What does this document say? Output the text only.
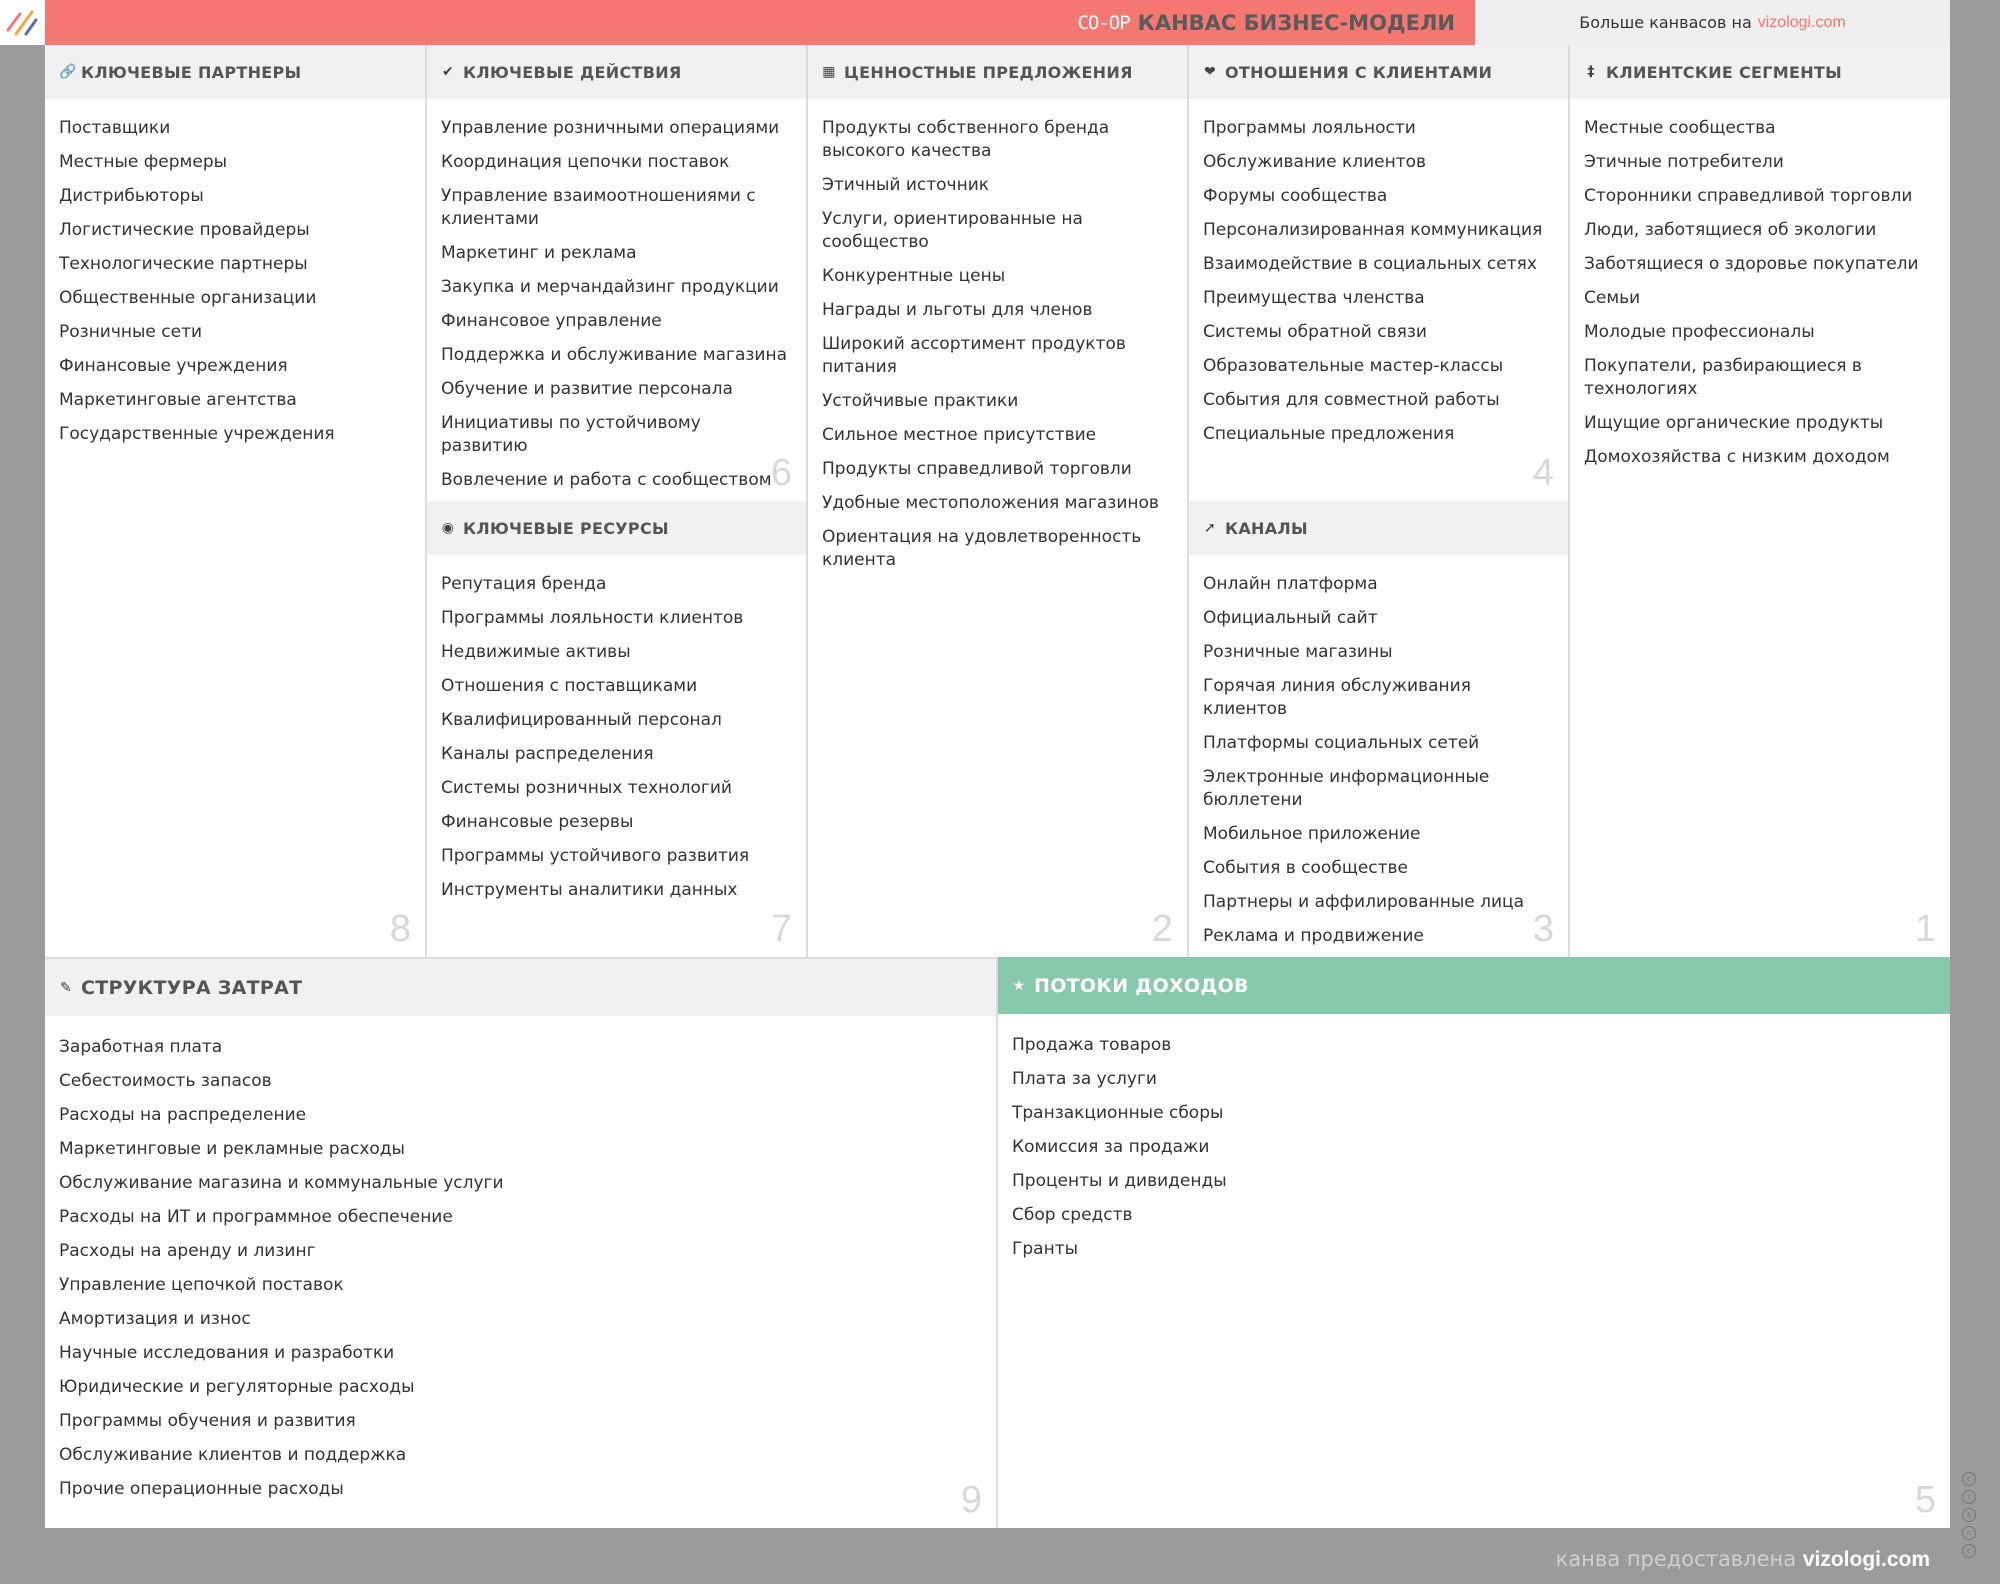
CO-OP КАНВАС БИЗНЕС-МОДЕЛИ	Больше канвасов на vizologi.com
🔗 КЛЮЧЕВЫЕ ПАРТНЕРЫ
Поставщики
Местные фермеры
Дистрибьюторы
Логистические провайдеры
Технологические партнеры
Общественные организации
Розничные сети
Финансовые учреждения
Маркетинговые агентства
Государственные учреждения
8
✔ КЛЮЧЕВЫЕ ДЕЙСТВИЯ
Управление розничными операциями
Координация цепочки поставок
Управление взаимоотношениями с клиентами
Маркетинг и реклама
Закупка и мерчандайзинг продукции
Финансовое управление
Поддержка и обслуживание магазина
Обучение и развитие персонала
Инициативы по устойчивому развитию
Вовлечение и работа с сообществом 6
◉ КЛЮЧЕВЫЕ РЕСУРСЫ
Репутация бренда
Программы лояльности клиентов
Недвижимые активы
Отношения с поставщиками
Квалифицированный персонал
Каналы распределения
Системы розничных технологий
Финансовые резервы
Программы устойчивого развития
Инструменты аналитики данных
7
▦ ЦЕННОСТНЫЕ ПРЕДЛОЖЕНИЯ
Продукты собственного бренда высокого качества
Этичный источник
Услуги, ориентированные на сообщество
Конкурентные цены
Награды и льготы для членов
Широкий ассортимент продуктов питания
Устойчивые практики
Сильное местное присутствие
Продукты справедливой торговли
Удобные местоположения магазинов
Ориентация на удовлетворенность клиента
2
❤ ОТНОШЕНИЯ С КЛИЕНТАМИ
Программы лояльности
Обслуживание клиентов
Форумы сообщества
Персонализированная коммуникация
Взаимодействие в социальных сетях
Преимущества членства
Системы обратной связи
Образовательные мастер-классы
События для совместной работы
Специальные предложения
4
➚ КАНАЛЫ
Онлайн платформа
Официальный сайт
Розничные магазины
Горячая линия обслуживания клиентов
Платформы социальных сетей
Электронные информационные бюллетени
Мобильное приложение
События в сообществе
Партнеры и аффилированные лица
Реклама и продвижение	3
‡ КЛИЕНТСКИЕ СЕГМЕНТЫ
Местные сообщества
Этичные потребители
Сторонники справедливой торговли
Люди, заботящиеся об экологии
Заботящиеся о здоровье покупатели
Семьи
Молодые профессионалы
Покупатели, разбирающиеся в технологиях
Ищущие органические продукты
Домохозяйства с низким доходом
1
✎ СТРУКТУРА ЗАТРАТ
Заработная плата
Себестоимость запасов
Расходы на распределение
Маркетинговые и рекламные расходы
Обслуживание магазина и коммунальные услуги
Расходы на ИТ и программное обеспечение
Расходы на аренду и лизинг
Управление цепочкой поставок
Амортизация и износ
Научные исследования и разработки
Юридические и регуляторные расходы
Программы обучения и развития
Обслуживание клиентов и поддержка
Прочие операционные расходы	9
★ ПОТОКИ ДОХОДОВ
Продажа товаров
Плата за услуги
Транзакционные сборы
Комиссия за продажи
Проценты и дивиденды
Сбор средств
Гранты
5	c
i
$
o
c
канва предоставлена vizologi.com
